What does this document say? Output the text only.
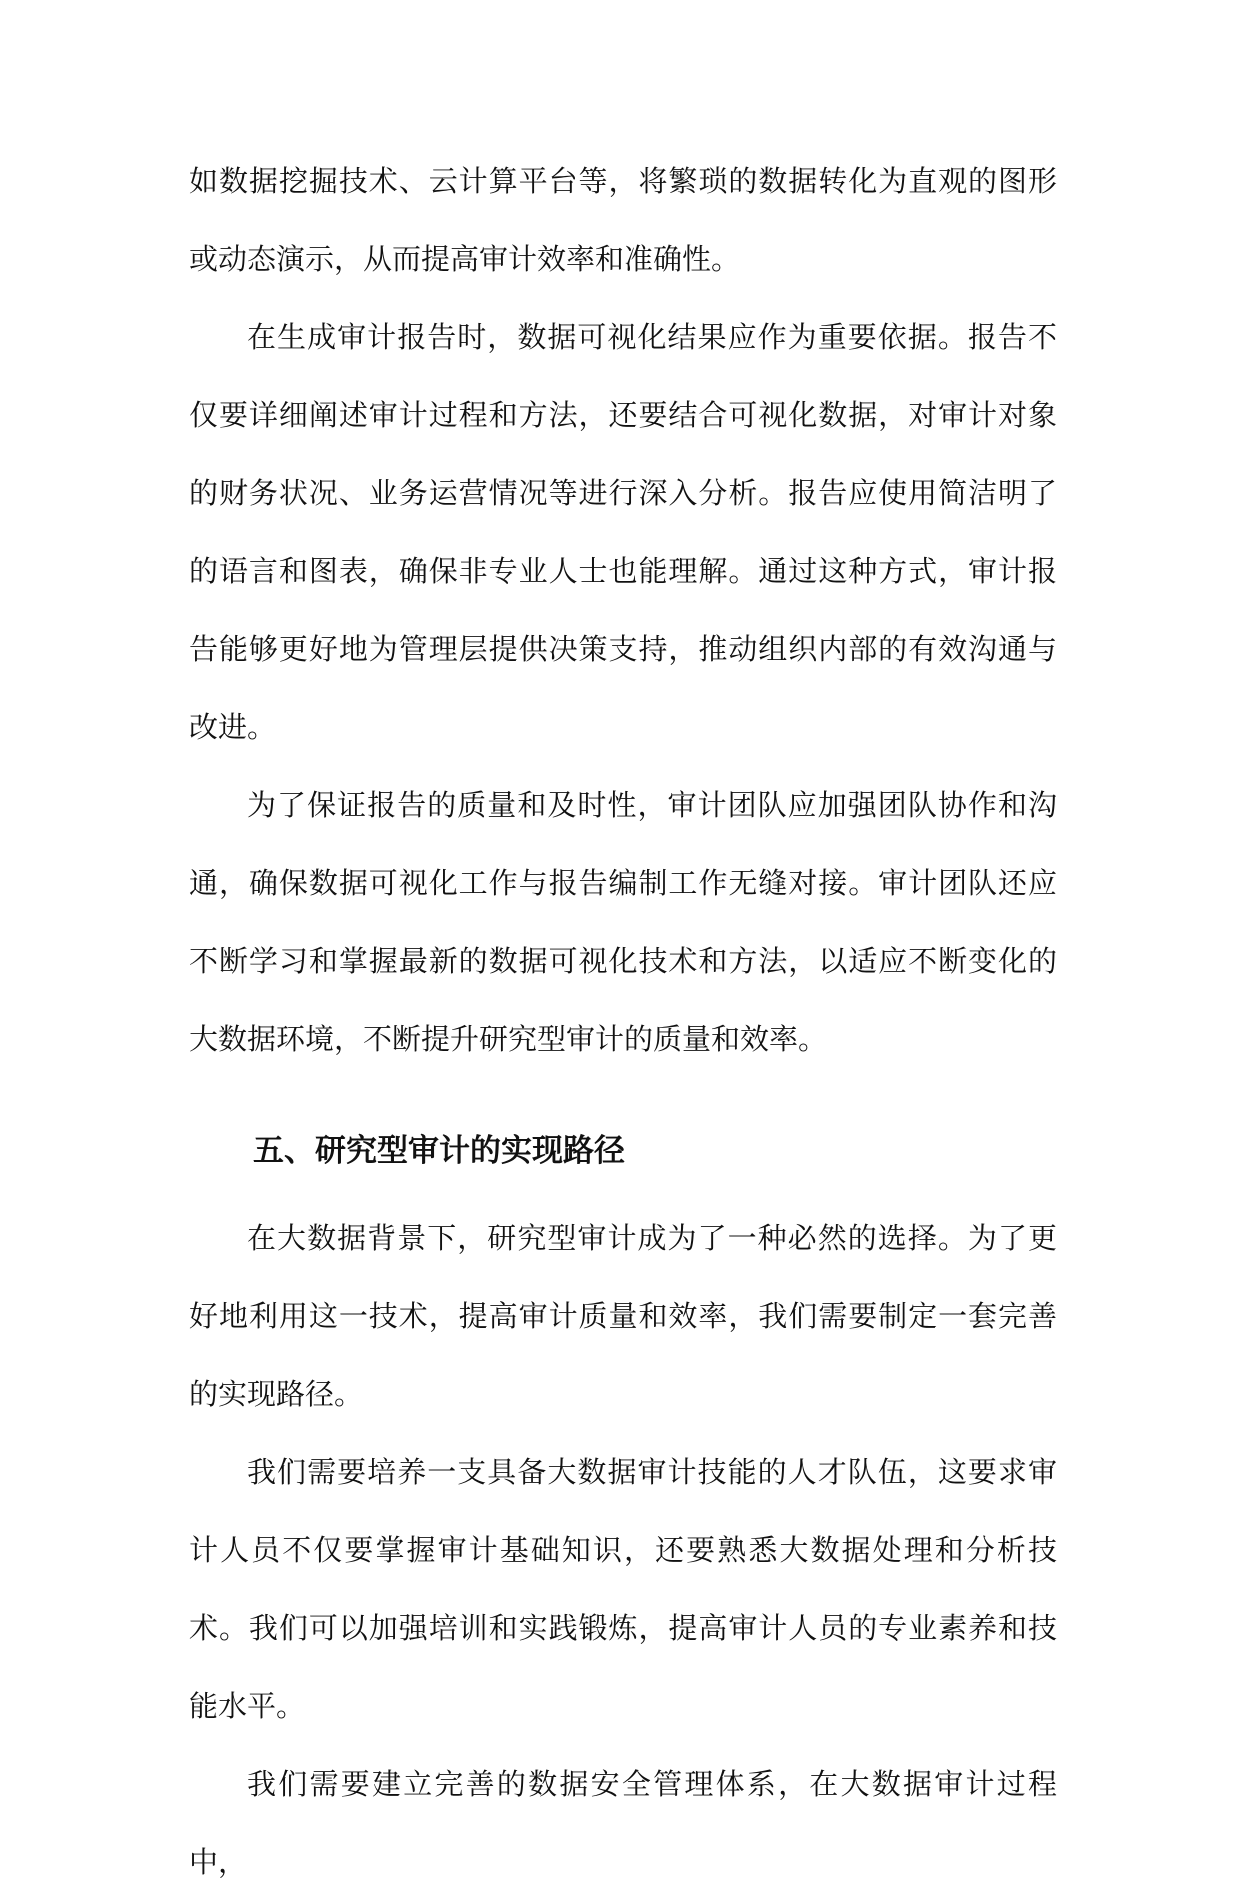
如数据挖掘技术、云计算平台等，将繁琐的数据转化为直观的图形或动态演示，从而提高审计效率和准确性。

在生成审计报告时，数据可视化结果应作为重要依据。报告不仅要详细阐述审计过程和方法，还要结合可视化数据，对审计对象的财务状况、业务运营情况等进行深入分析。报告应使用简洁明了的语言和图表，确保非专业人士也能理解。通过这种方式，审计报告能够更好地为管理层提供决策支持，推动组织内部的有效沟通与改进。

为了保证报告的质量和及时性，审计团队应加强团队协作和沟通，确保数据可视化工作与报告编制工作无缝对接。审计团队还应不断学习和掌握最新的数据可视化技术和方法，以适应不断变化的大数据环境，不断提升研究型审计的质量和效率。

五、研究型审计的实现路径

在大数据背景下，研究型审计成为了一种必然的选择。为了更好地利用这一技术，提高审计质量和效率，我们需要制定一套完善的实现路径。

我们需要培养一支具备大数据审计技能的人才队伍，这要求审计人员不仅要掌握审计基础知识，还要熟悉大数据处理和分析技术。我们可以加强培训和实践锻炼，提高审计人员的专业素养和技能水平。

我们需要建立完善的数据安全管理体系，在大数据审计过程中，
